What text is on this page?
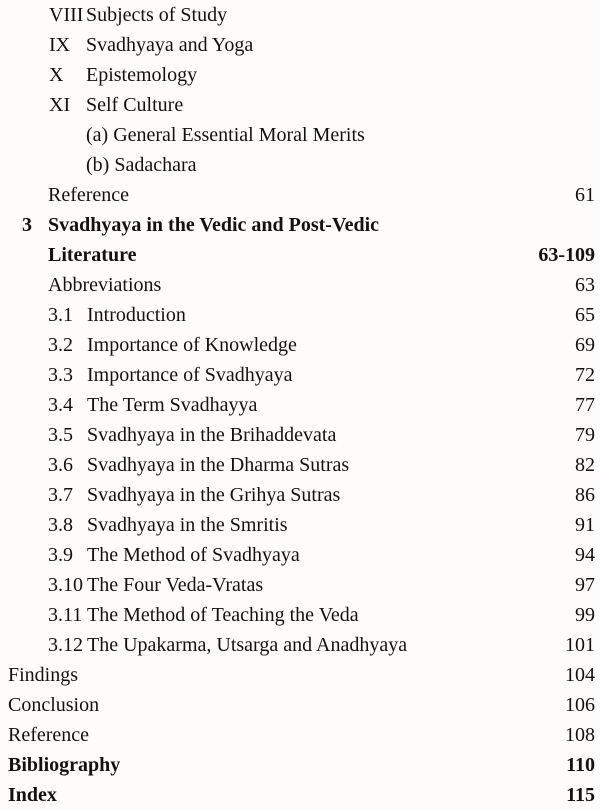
VIII Subjects of Study
IX Svadhyaya and Yoga
X	Epistemology
XI Self Culture
(a) General Essential Moral Merits
(b) Sadachara
Reference	61
3 Svadhyaya in the Vedic and Post-Vedic
Literature	63-109
Abbreviations	63
3.1 Introduction	65
3.2 Importance of Knowledge	69
3.3 Importance of Svadhyaya	72
3.4 The Term Svadhayya	77
3.5 Svadhyaya in the Brihaddevata	79
3.6 Svadhyaya in the Dharma Sutras	82
3.7 Svadhyaya in the Grihya Sutras	86
3.8 Svadhyaya in the Smritis	91
3.9 The Method of Svadhyaya	94
3.10 The Four Veda-Vratas	97
3.11 The Method of Teaching the Veda	99
3.12 The Upakarma, Utsarga and Anadhyaya	101
Findings	104
Conclusion	106
Reference	108
Bibliography	110
Index	115
